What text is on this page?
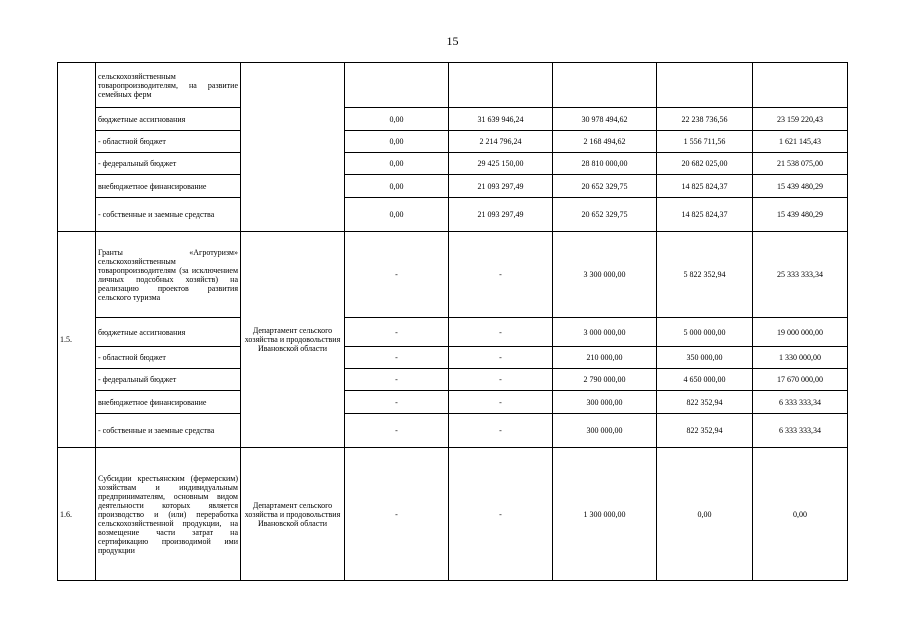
15
	сельскохозяйственным товаропроизводителям, на развитие семейных ферм						
	бюджетные ассигнования		0,00	31 639 946,24	30 978 494,62	22 238 736,56	23 159 220,43
	- областной бюджет		0,00	2 214 796,24	2 168 494,62	1 556 711,56	1 621 145,43
	- федеральный бюджет		0,00	29 425 150,00	28 810 000,00	20 682 025,00	21 538 075,00
	внебюджетное финансирование		0,00	21 093 297,49	20 652 329,75	14 825 824,37	15 439 480,29
	- собственные и заемные средства		0,00	21 093 297,49	20 652 329,75	14 825 824,37	15 439 480,29
1.5.	Гранты «Агротуризм» сельскохозяйственным товаропроизводителям (за исключением личных подсобных хозяйств) на реализацию проектов развития сельского туризма	Департамент сельского хозяйства и продовольствия Ивановской области	-	-	3 300 000,00	5 822 352,94	25 333 333,34
	бюджетные ассигнования		-	-	3 000 000,00	5 000 000,00	19 000 000,00
	- областной бюджет		-	-	210 000,00	350 000,00	1 330 000,00
	- федеральный бюджет		-	-	2 790 000,00	4 650 000,00	17 670 000,00
	внебюджетное финансирование		-	-	300 000,00	822 352,94	6 333 333,34
	- собственные и заемные средства		-	-	300 000,00	822 352,94	6 333 333,34
1.6.	Субсидии крестьянским (фермерским) хозяйствам и индивидуальным предпринимателям, основным видом деятельности которых является производство и (или) переработка сельскохозяйственной продукции, на возмещение части затрат на сертификацию производимой ими продукции	Департамент сельского хозяйства и продовольствия Ивановской области	-	-	1 300 000,00	0,00	0,00
